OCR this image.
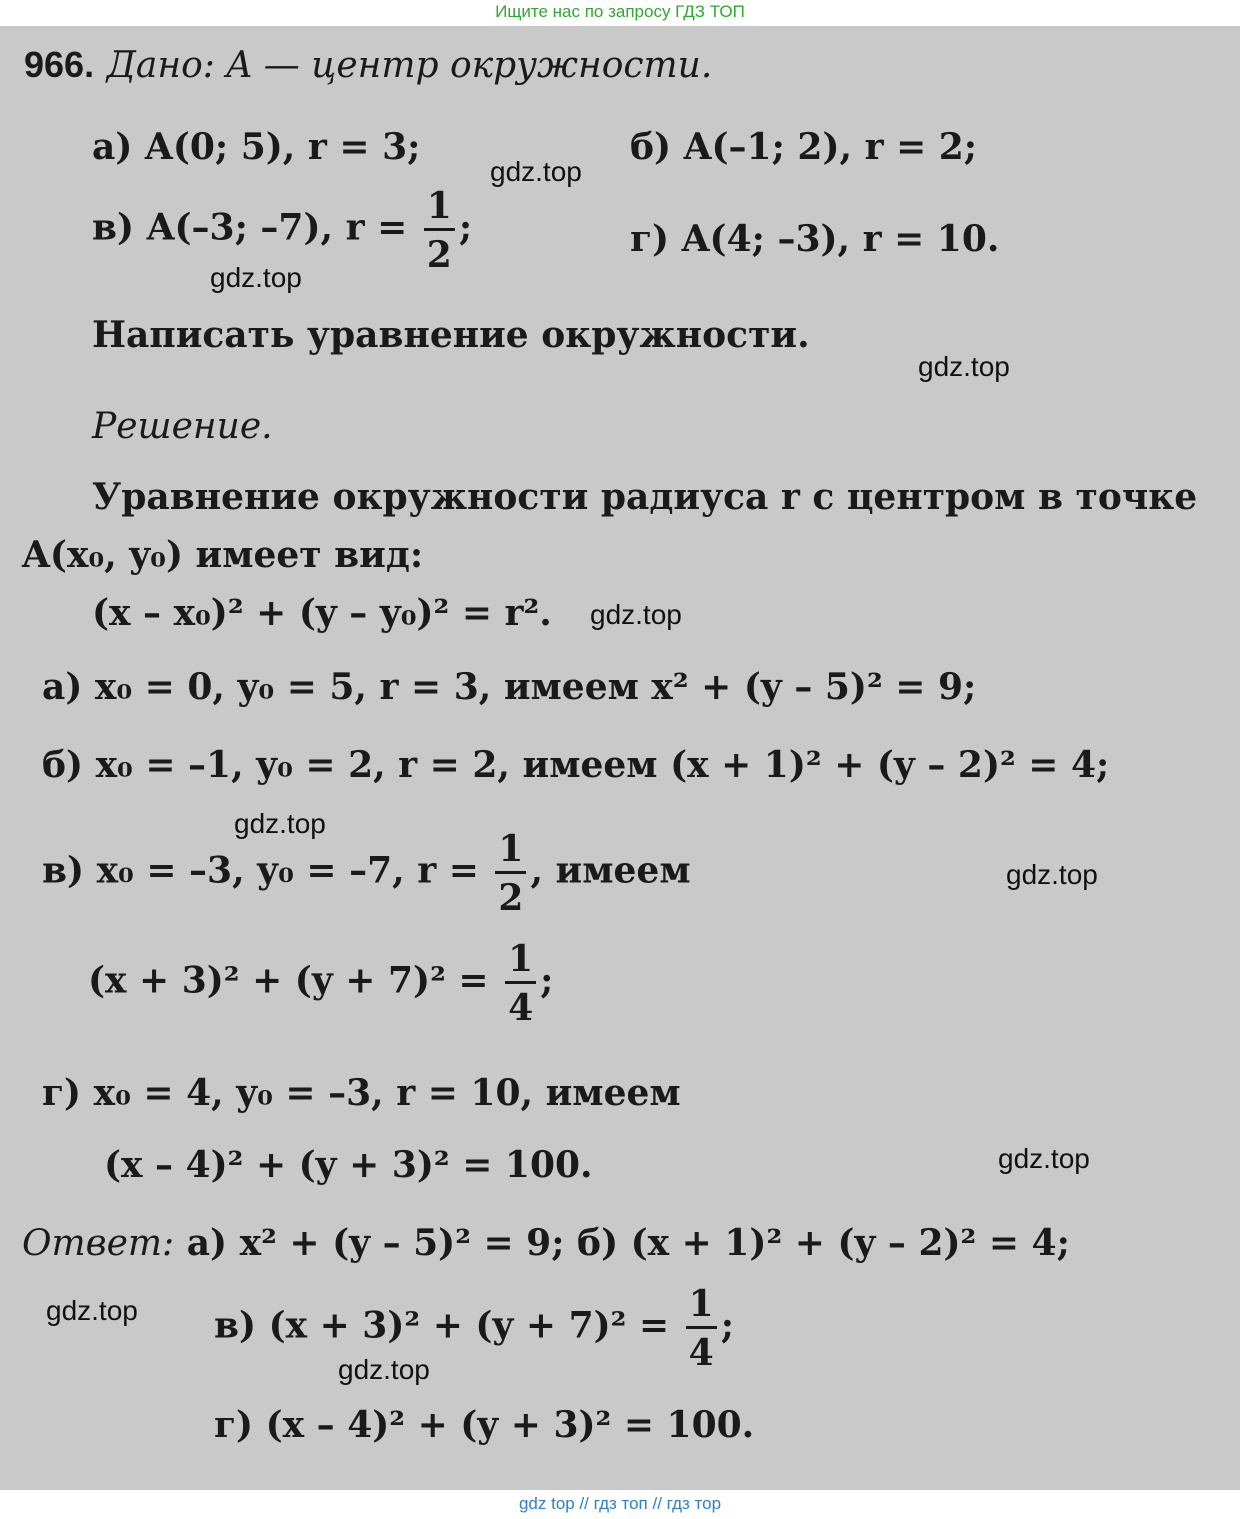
Ищите нас по запросу ГДЗ ТОП
966. Дано: A — центр окружности.
а) A(0; 5), r = 3;	б) A(–1; 2), r = 2;
в) A(–3; –7), $r = \frac{1}{2}$ ;	г) A(4; –3), r = 10.
Написать уравнение окружности.
Решение.
Уравнение окружности радиуса r с центром в точке
A(x₀, y₀) имеет вид:
(x – x₀)² + (y – y₀)² = r².
а) x₀ = 0, y₀ = 5, r = 3, имеем x² + (y – 5)² = 9;
б) x₀ = –1, y₀ = 2, r = 2, имеем (x + 1)² + (y – 2)² = 4;
в) x₀ = –3, y₀ = –7, $r = \frac{1}{2}$ , имеем
$(x + 3)^2 + (y + 7)^2 = \frac{1}{4}$ ;
г) x₀ = 4, y₀ = –3, r = 10, имеем
(x – 4)² + (y + 3)² = 100.
Ответ: а) x² + (y – 5)² = 9; б) (x + 1)² + (y – 2)² = 4;
в) $(x + 3)^2 + (y + 7)^2 = \frac{1}{4}$ ;
г) (x – 4)² + (y + 3)² = 100.
gdz.top
gdz.top
gdz.top
gdz.top
gdz.top
gdz.top
gdz.top
gdz.top
gdz.top
gdz top // гдз топ // гдз тор
